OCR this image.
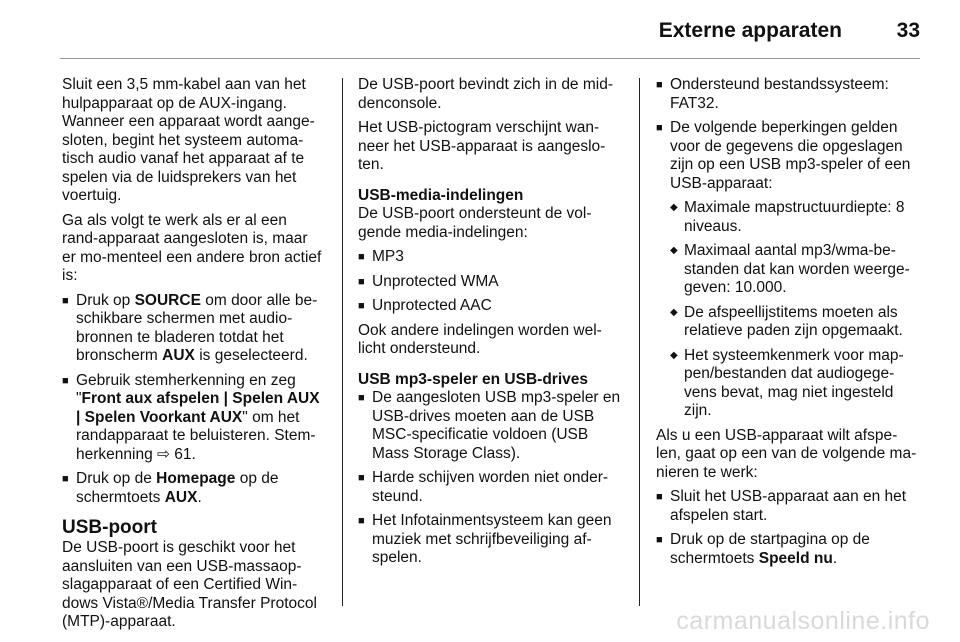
Externe apparaten	33

Sluit een 3,5 mm-kabel aan van het hulpapparaat op de AUX-ingang. Wanneer een apparaat wordt aange-sloten, begint het systeem automa-tisch audio vanaf het apparaat af te spelen via de luidsprekers van het voertuig.

Ga als volgt te werk als er al een rand-apparaat aangesloten is, maar er mo-menteel een andere bron actief is:

■ Druk op SOURCE om door alle be-schikbare schermen met audio-bronnen te bladeren totdat het bronscherm AUX is geselecteerd.
■ Gebruik stemherkenning en zeg "Front aux afspelen | Spelen AUX | Spelen Voorkant AUX" om het randapparaat te beluisteren. Stem-herkenning ⇨ 61.
■ Druk op de Homepage op de schermtoets AUX.
USB-poort

De USB-poort is geschikt voor het aansluiten van een USB-massaop-slagapparaat of een Certified Win-dows Vista®/Media Transfer Protocol (MTP)-apparaat.

De USB-poort bevindt zich in de mid-denconsole.

Het USB-pictogram verschijnt wan-neer het USB-apparaat is aangeslo-ten.

USB-media-indelingen

De USB-poort ondersteunt de vol-gende media-indelingen:

■ MP3
■ Unprotected WMA
■ Unprotected AAC

Ook andere indelingen worden wel-licht ondersteund.

USB mp3-speler en USB-drives
■ De aangesloten USB mp3-speler en USB-drives moeten aan de USB MSC-specificatie voldoen (USB Mass Storage Class).
■ Harde schijven worden niet onder-steund.
■ Het Infotainmentsysteem kan geen muziek met schrijfbeveiliging af-spelen.
■ Ondersteund bestandssysteem: FAT32.
■ De volgende beperkingen gelden voor de gegevens die opgeslagen zijn op een USB mp3-speler of een USB-apparaat:
◆ Maximale mapstructuurdiepte: 8 niveaus.
◆ Maximaal aantal mp3/wma-be-standen dat kan worden weerge-geven: 10.000.
◆ De afspeellijstitems moeten als relatieve paden zijn opgemaakt.
◆ Het systeemkenmerk voor map-pen/bestanden dat audiogege-vens bevat, mag niet ingesteld zijn.

Als u een USB-apparaat wilt afspe-len, gaat op een van de volgende ma-nieren te werk:

■ Sluit het USB-apparaat aan en het afspelen start.
■ Druk op de startpagina op de schermtoets Speeld nu.
carmanualsonline.info
